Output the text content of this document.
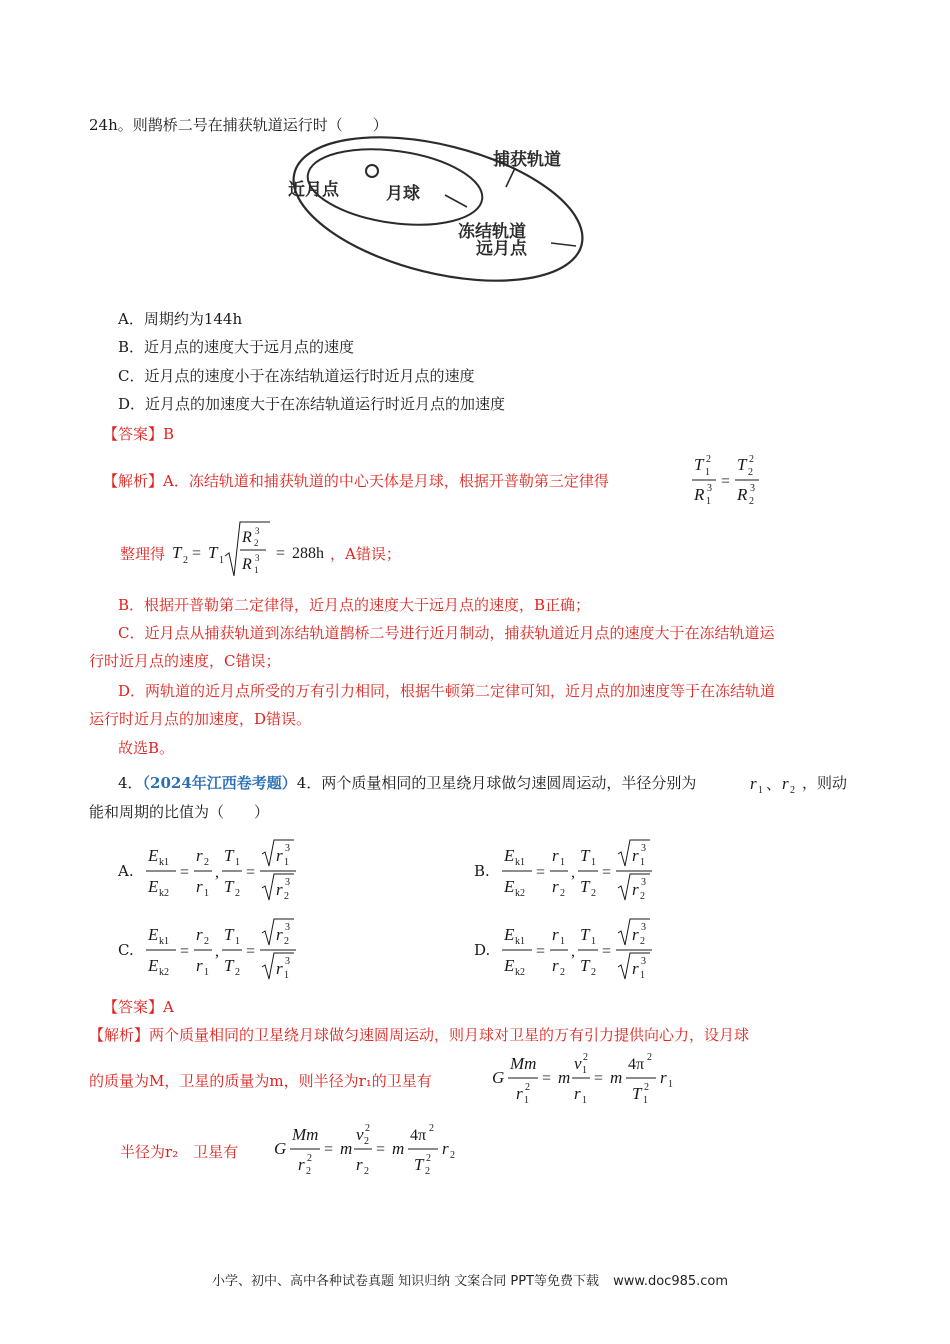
24h。则鹊桥二号在捕获轨道运行时（　　）
捕获轨道
近月点	月球
冻结轨道
远月点
A．周期约为144h
B．近月点的速度大于远月点的速度
C．近月点的速度小于在冻结轨道运行时近月点的速度
D．近月点的加速度大于在冻结轨道运行时近月点的加速度
【答案】B
【解析】A．冻结轨道和捕获轨道的中心天体是月球，根据开普勒第三定律得
T 1
2
R 1
3 =
T 2
2
R 2
3
整理得 T 2 = T 1
R 2
3
R 1
3 = 288h ，A错误；
B．根据开普勒第二定律得，近月点的速度大于远月点的速度，B正确；
C．近月点从捕获轨道到冻结轨道鹊桥二号进行近月制动，捕获轨道近月点的速度大于在冻结轨道运
行时近月点的速度，C错误；
D．两轨道的近月点所受的万有引力相同，根据牛顿第二定律可知，近月点的加速度等于在冻结轨道
运行时近月点的加速度，D错误。
故选B。
4．（2024年江西卷考题）4．两个质量相同的卫星绕月球做匀速圆周运动，半径分别为	r 1 、 r 2 ，则动
能和周期的比值为（　　）
A.
E k1
E k2
=
r 2
r 1
,
T 1
T 2
=
r 1
3
r 2
3
B.
E k1
E k2
=
r 1
r 2
,
T 1
T 2
=
r 1
3
r 2
3
C.
E k1
E k2
=
r 2
r 1
,
T 1
T 2
=
r 2
3
r 1
3
D.
E k1
E k2
=
r 1
r 2
,
T 1
T 2
=
r 2
3
r 1
3
【答案】A
【解析】两个质量相同的卫星绕月球做匀速圆周运动，则月球对卫星的万有引力提供向心力，设月球
的质量为M，卫星的质量为m，则半径为r₁的卫星有	G
Mm
r 1
2
= m
v 1
2
r 1
= m
4π 2
T 1
2
r 1
半径为r₂　卫星有 G
Mm
r 2
2
= m
v 2
2
r 2
= m
4π 2
T 2
2
r 2
小学、初中、高中各种试卷真题 知识归纳 文案合同 PPT等免费下载 www.doc985.com
